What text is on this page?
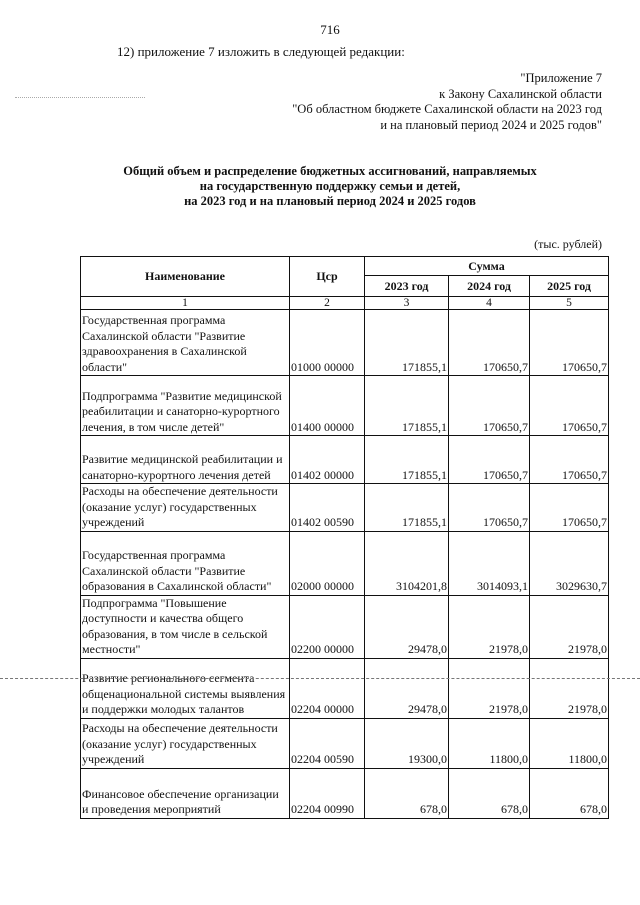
716
12) приложение 7 изложить в следующей редакции:
"Приложение 7
к Закону Сахалинской области
"Об областном бюджете Сахалинской области на 2023 год
и на плановый период 2024 и 2025 годов"
Общий объем и распределение бюджетных ассигнований, направляемых
на государственную поддержку семьи и детей,
на 2023 год и на плановый период 2024 и 2025 годов
(тыс. рублей)
Наименование	Цср	Сумма		
		2023 год	2024 год	2025 год
1	2	3	4	5
Государственная программа Сахалинской области "Развитие здравоохранения в Сахалинской области"	01000 00000	171855,1	170650,7	170650,7
Подпрограмма "Развитие медицинской реабилитации и санаторно-курортного лечения, в том числе детей"	01400 00000	171855,1	170650,7	170650,7
Развитие медицинской реабилитации и санаторно-курортного лечения детей	01402 00000	171855,1	170650,7	170650,7
Расходы на обеспечение деятельности (оказание услуг) государственных учреждений	01402 00590	171855,1	170650,7	170650,7
Государственная программа Сахалинской области "Развитие образования в Сахалинской области"	02000 00000	3104201,8	3014093,1	3029630,7
Подпрограмма "Повышение доступности и качества общего образования, в том числе в сельской местности"	02200 00000	29478,0	21978,0	21978,0
Развитие регионального сегмента общенациональной системы выявления и поддержки молодых талантов	02204 00000	29478,0	21978,0	21978,0
Расходы на обеспечение деятельности (оказание услуг) государственных учреждений	02204 00590	19300,0	11800,0	11800,0
Финансовое обеспечение организации и проведения мероприятий	02204 00990	678,0	678,0	678,0
